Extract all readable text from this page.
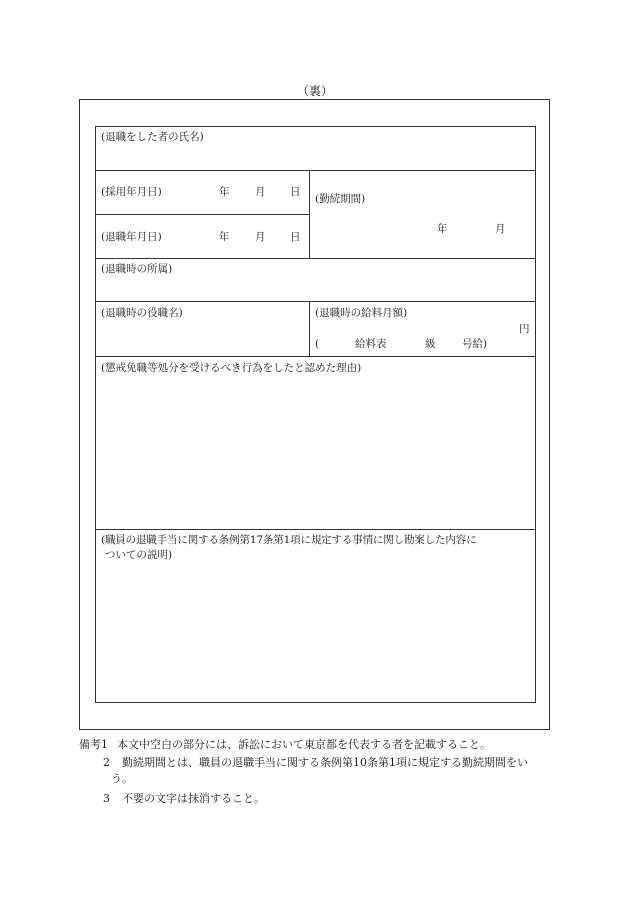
（裏）
(退職をした者の氏名)
(採用年月日)	年 月 日
(退職年月日)	年 月 日
(勤続期間)
年	月
(退職時の所属)
(退職時の役職名)	(退職時の給料月額)
円
(	給料表	級	号給)
(懲戒免職等処分を受けるべき行為をしたと認めた理由)
(職員の退職手当に関する条例第17条第1項に規定する事情に関し勘案した内容に
ついての説明)
備考1 本文中空白の部分には、訴訟において東京都を代表する者を記載すること。
2 勤続期間とは、職員の退職手当に関する条例第10条第1項に規定する勤続期間をい
う。
3 不要の文字は抹消すること。
